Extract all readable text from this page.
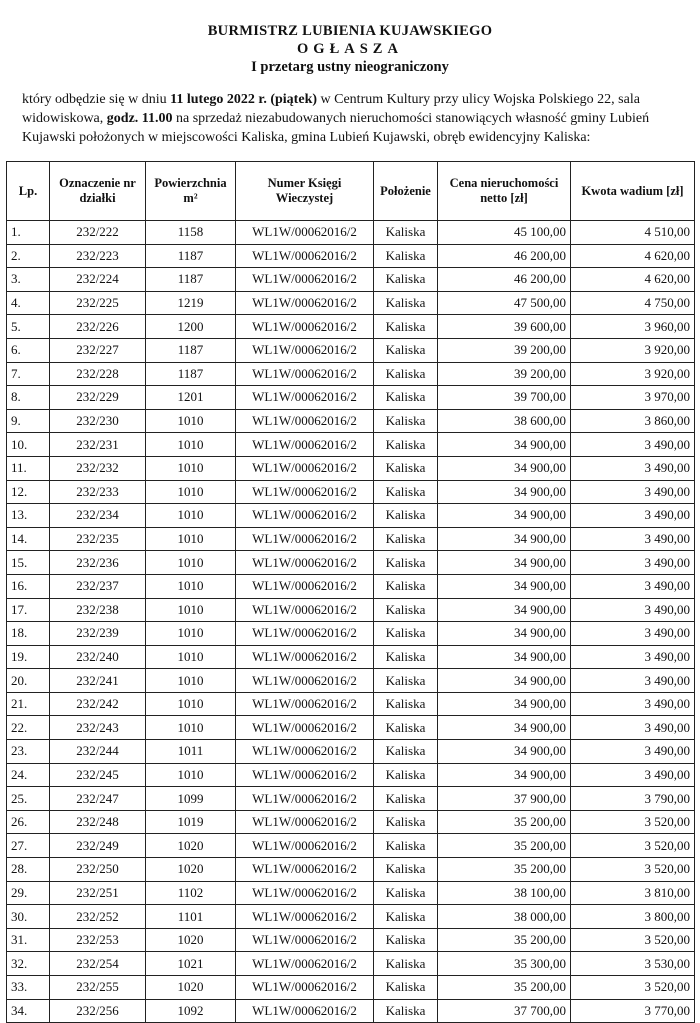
BURMISTRZ LUBIENIA KUJAWSKIEGO
OGŁASZA
I przetarg ustny nieograniczony
który odbędzie się w dniu 11 lutego 2022 r. (piątek) w Centrum Kultury przy ulicy Wojska Polskiego 22, sala widowiskowa, godz. 11.00 na sprzedaż niezabudowanych nieruchomości stanowiących własność gminy Lubień Kujawski położonych w miejscowości Kaliska, gmina Lubień Kujawski, obręb ewidencyjny Kaliska:
Lp.	Oznaczenie nr działki	Powierzchnia m²	Numer Księgi Wieczystej	Położenie	Cena nieruchomości netto [zł]	Kwota wadium [zł]
1.	232/222	1158	WL1W/00062016/2	Kaliska	45 100,00	4 510,00
2.	232/223	1187	WL1W/00062016/2	Kaliska	46 200,00	4 620,00
3.	232/224	1187	WL1W/00062016/2	Kaliska	46 200,00	4 620,00
4.	232/225	1219	WL1W/00062016/2	Kaliska	47 500,00	4 750,00
5.	232/226	1200	WL1W/00062016/2	Kaliska	39 600,00	3 960,00
6.	232/227	1187	WL1W/00062016/2	Kaliska	39 200,00	3 920,00
7.	232/228	1187	WL1W/00062016/2	Kaliska	39 200,00	3 920,00
8.	232/229	1201	WL1W/00062016/2	Kaliska	39 700,00	3 970,00
9.	232/230	1010	WL1W/00062016/2	Kaliska	38 600,00	3 860,00
10.	232/231	1010	WL1W/00062016/2	Kaliska	34 900,00	3 490,00
11.	232/232	1010	WL1W/00062016/2	Kaliska	34 900,00	3 490,00
12.	232/233	1010	WL1W/00062016/2	Kaliska	34 900,00	3 490,00
13.	232/234	1010	WL1W/00062016/2	Kaliska	34 900,00	3 490,00
14.	232/235	1010	WL1W/00062016/2	Kaliska	34 900,00	3 490,00
15.	232/236	1010	WL1W/00062016/2	Kaliska	34 900,00	3 490,00
16.	232/237	1010	WL1W/00062016/2	Kaliska	34 900,00	3 490,00
17.	232/238	1010	WL1W/00062016/2	Kaliska	34 900,00	3 490,00
18.	232/239	1010	WL1W/00062016/2	Kaliska	34 900,00	3 490,00
19.	232/240	1010	WL1W/00062016/2	Kaliska	34 900,00	3 490,00
20.	232/241	1010	WL1W/00062016/2	Kaliska	34 900,00	3 490,00
21.	232/242	1010	WL1W/00062016/2	Kaliska	34 900,00	3 490,00
22.	232/243	1010	WL1W/00062016/2	Kaliska	34 900,00	3 490,00
23.	232/244	1011	WL1W/00062016/2	Kaliska	34 900,00	3 490,00
24.	232/245	1010	WL1W/00062016/2	Kaliska	34 900,00	3 490,00
25.	232/247	1099	WL1W/00062016/2	Kaliska	37 900,00	3 790,00
26.	232/248	1019	WL1W/00062016/2	Kaliska	35 200,00	3 520,00
27.	232/249	1020	WL1W/00062016/2	Kaliska	35 200,00	3 520,00
28.	232/250	1020	WL1W/00062016/2	Kaliska	35 200,00	3 520,00
29.	232/251	1102	WL1W/00062016/2	Kaliska	38 100,00	3 810,00
30.	232/252	1101	WL1W/00062016/2	Kaliska	38 000,00	3 800,00
31.	232/253	1020	WL1W/00062016/2	Kaliska	35 200,00	3 520,00
32.	232/254	1021	WL1W/00062016/2	Kaliska	35 300,00	3 530,00
33.	232/255	1020	WL1W/00062016/2	Kaliska	35 200,00	3 520,00
34.	232/256	1092	WL1W/00062016/2	Kaliska	37 700,00	3 770,00
